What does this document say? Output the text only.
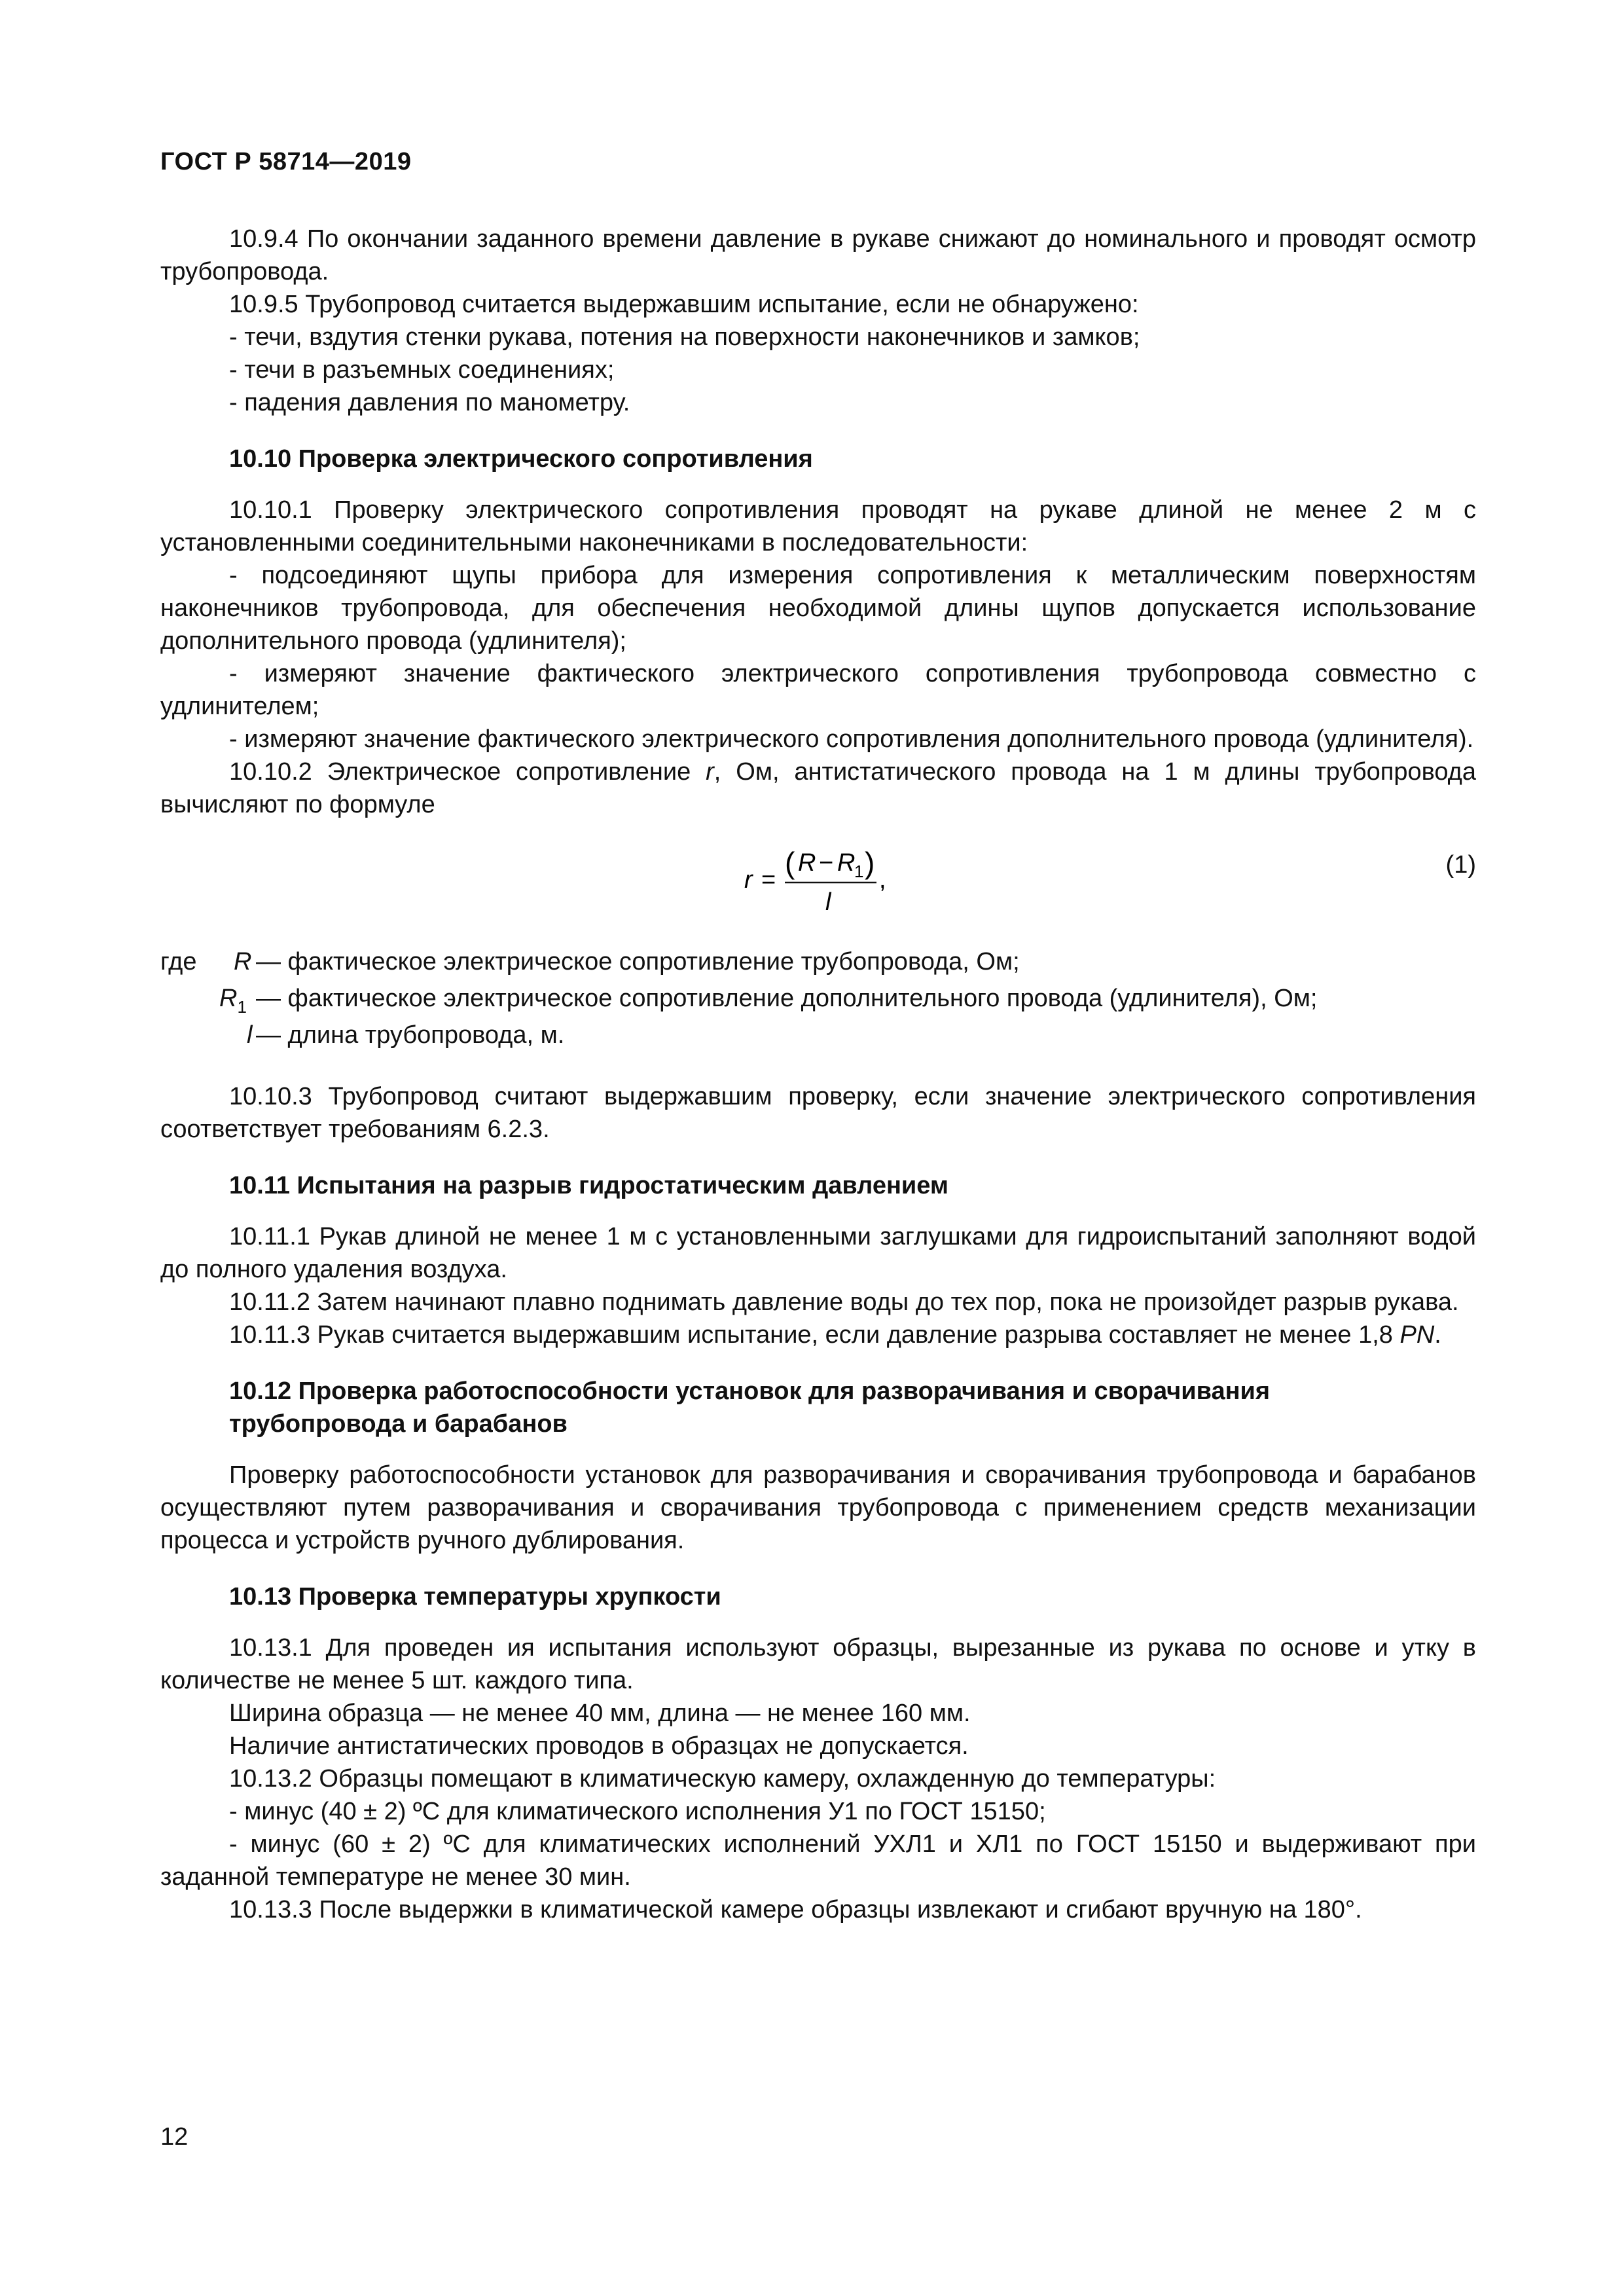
ГОСТ Р 58714—2019

10.9.4 По окончании заданного времени давление в рукаве снижают до номинального и проводят осмотр трубопровода.

10.9.5 Трубопровод считается выдержавшим испытание, если не обнаружено:

- течи, вздутия стенки рукава, потения на поверхности наконечников и замков;

- течи в разъемных соединениях;

- падения давления по манометру.

10.10 Проверка электрического сопротивления

10.10.1 Проверку электрического сопротивления проводят на рукаве длиной не менее 2 м с установленными соединительными наконечниками в последовательности:

- подсоединяют щупы прибора для измерения сопротивления к металлическим поверхностям наконечников трубопровода, для обеспечения необходимой длины щупов допускается использование дополнительного провода (удлинителя);

- измеряют значение фактического электрического сопротивления трубопровода совместно с удлинителем;

- измеряют значение фактического электрического сопротивления дополнительного провода (удлинителя).

10.10.2 Электрическое сопротивление r, Ом, антистатического провода на 1 м длины трубопровода вычисляют по формуле

r = ( R − R
1 )
l
,
(1)
где R — фактическое электрическое сопротивление трубопровода, Ом;
$R_1$ — фактическое электрическое сопротивление дополнительного провода (удлинителя), Ом;
l — длина трубопровода, м.

10.10.3 Трубопровод считают выдержавшим проверку, если значение электрического сопротивления соответствует требованиям 6.2.3.

10.11 Испытания на разрыв гидростатическим давлением

10.11.1 Рукав длиной не менее 1 м с установленными заглушками для гидроиспытаний заполняют водой до полного удаления воздуха.

10.11.2 Затем начинают плавно поднимать давление воды до тех пор, пока не произойдет разрыв рукава.

10.11.3 Рукав считается выдержавшим испытание, если давление разрыва составляет не менее 1,8 PN.

10.12 Проверка работоспособности установок для разворачивания и сворачивания

трубопровода и барабанов

Проверку работоспособности установок для разворачивания и сворачивания трубопровода и барабанов осуществляют путем разворачивания и сворачивания трубопровода с применением средств механизации процесса и устройств ручного дублирования.

10.13 Проверка температуры хрупкости

10.13.1 Для проведен ия испытания используют образцы, вырезанные из рукава по основе и утку в количестве не менее 5 шт. каждого типа.

Ширина образца — не менее 40 мм, длина — не менее 160 мм.

Наличие антистатических проводов в образцах не допускается.

10.13.2 Образцы помещают в климатическую камеру, охлажденную до температуры:

- минус (40 ± 2) ºС для климатического исполнения У1 по ГОСТ 15150;

- минус (60 ± 2) ºС для климатических исполнений УХЛ1 и ХЛ1 по ГОСТ 15150 и выдерживают при заданной температуре не менее 30 мин.

10.13.3 После выдержки в климатической камере образцы извлекают и сгибают вручную на 180°.

12
